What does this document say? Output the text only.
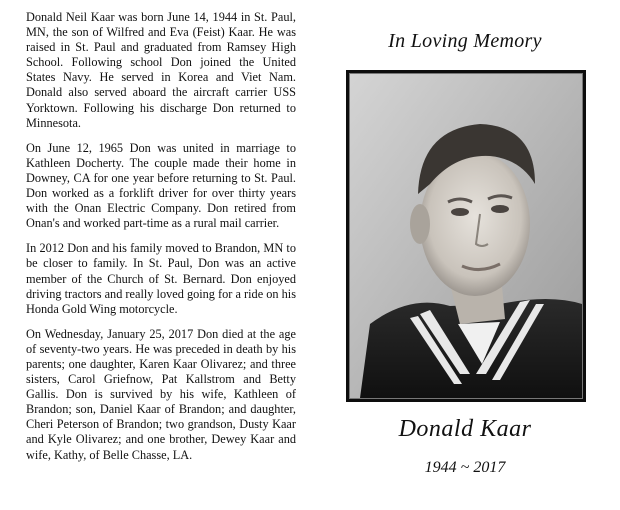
Donald Neil Kaar was born June 14, 1944 in St. Paul, MN, the son of Wilfred and Eva (Feist) Kaar. He was raised in St. Paul and graduated from Ramsey High School. Following school Don joined the United States Navy. He served in Korea and Viet Nam. Donald also served aboard the aircraft carrier USS Yorktown. Following his discharge Don returned to Minnesota.

On June 12, 1965 Don was united in marriage to Kathleen Docherty. The couple made their home in Downey, CA for one year before returning to St. Paul. Don worked as a forklift driver for over thirty years with the Onan Electric Company. Don retired from Onan's and worked part-time as a rural mail carrier.

In 2012 Don and his family moved to Brandon, MN to be closer to family. In St. Paul, Don was an active member of the Church of St. Bernard. Don enjoyed driving tractors and really loved going for a ride on his Honda Gold Wing motorcycle.

On Wednesday, January 25, 2017 Don died at the age of seventy-two years. He was preceded in death by his parents; one daughter, Karen Kaar Olivarez; and three sisters, Carol Griefnow, Pat Kallstrom and Betty Gallis. Don is survived by his wife, Kathleen of Brandon; son, Daniel Kaar of Brandon; and daughter, Cheri Peterson of Brandon; two grandson, Dusty Kaar and Kyle Olivarez; and one brother, Dewey Kaar and wife, Kathy, of Belle Chasse, LA.

In Loving Memory
Donald Kaar
1944 ~ 2017
